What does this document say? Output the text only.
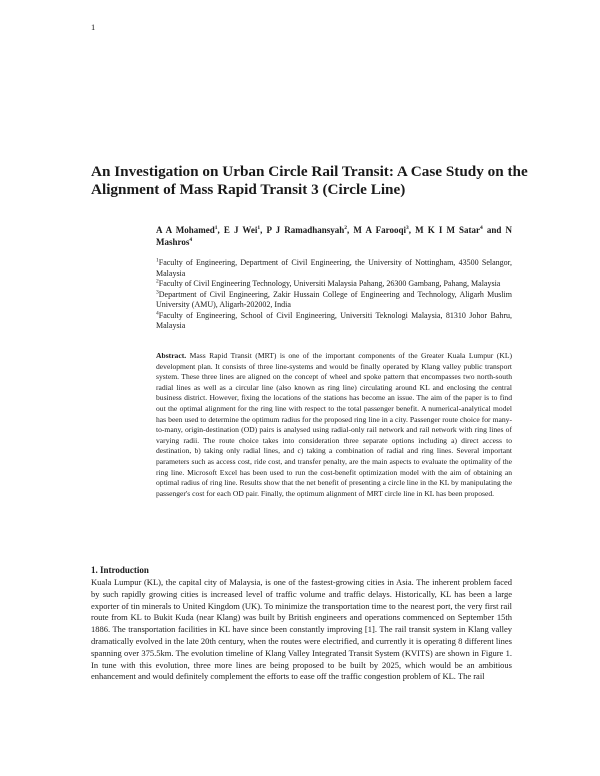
1
An Investigation on Urban Circle Rail Transit: A Case Study on the Alignment of Mass Rapid Transit 3 (Circle Line)

A A Mohamed$^1$, E J Wei$^1$, P J Ramadhansyah$^2$, M A Farooqi$^3$, M K I M Satar$^4$ and N Mashros$^4$

$^1$Faculty of Engineering, Department of Civil Engineering, the University of Nottingham, 43500 Selangor, Malaysia

$^2$Faculty of Civil Engineering Technology, Universiti Malaysia Pahang, 26300 Gambang, Pahang, Malaysia

$^3$Department of Civil Engineering, Zakir Hussain College of Engineering and Technology, Aligarh Muslim University (AMU), Aligarh-202002, India

$^4$Faculty of Engineering, School of Civil Engineering, Universiti Teknologi Malaysia, 81310 Johor Bahru, Malaysia

Abstract. Mass Rapid Transit (MRT) is one of the important components of the Greater Kuala Lumpur (KL) development plan. It consists of three line-systems and would be finally operated by Klang valley public transport system. These three lines are aligned on the concept of wheel and spoke pattern that encompasses two north-south radial lines as well as a circular line (also known as ring line) circulating around KL and enclosing the central business district. However, fixing the locations of the stations has become an issue. The aim of the paper is to find out the optimal alignment for the ring line with respect to the total passenger benefit. A numerical-analytical model has been used to determine the optimum radius for the proposed ring line in a city. Passenger route choice for many-to-many, origin-destination (OD) pairs is analysed using radial-only rail network and rail network with ring lines of varying radii. The route choice takes into consideration three separate options including a) direct access to destination, b) taking only radial lines, and c) taking a combination of radial and ring lines. Several important parameters such as access cost, ride cost, and transfer penalty, are the main aspects to evaluate the optimality of the ring line. Microsoft Excel has been used to run the cost-benefit optimization model with the aim of obtaining an optimal radius of ring line. Results show that the net benefit of presenting a circle line in the KL by manipulating the passenger's cost for each OD pair. Finally, the optimum alignment of MRT circle line in KL has been proposed.

1. Introduction

Kuala Lumpur (KL), the capital city of Malaysia, is one of the fastest-growing cities in Asia. The inherent problem faced by such rapidly growing cities is increased level of traffic volume and traffic delays. Historically, KL has been a large exporter of tin minerals to United Kingdom (UK). To minimize the transportation time to the nearest port, the very first rail route from KL to Bukit Kuda (near Klang) was built by British engineers and operations commenced on September 15th 1886. The transportation facilities in KL have since been constantly improving [1]. The rail transit system in Klang valley dramatically evolved in the late 20th century, when the routes were electrified, and currently it is operating 8 different lines spanning over 375.5km. The evolution timeline of Klang Valley Integrated Transit System (KVITS) are shown in Figure 1. In tune with this evolution, three more lines are being proposed to be built by 2025, which would be an ambitious enhancement and would definitely complement the efforts to ease off the traffic congestion problem of KL. The rail
